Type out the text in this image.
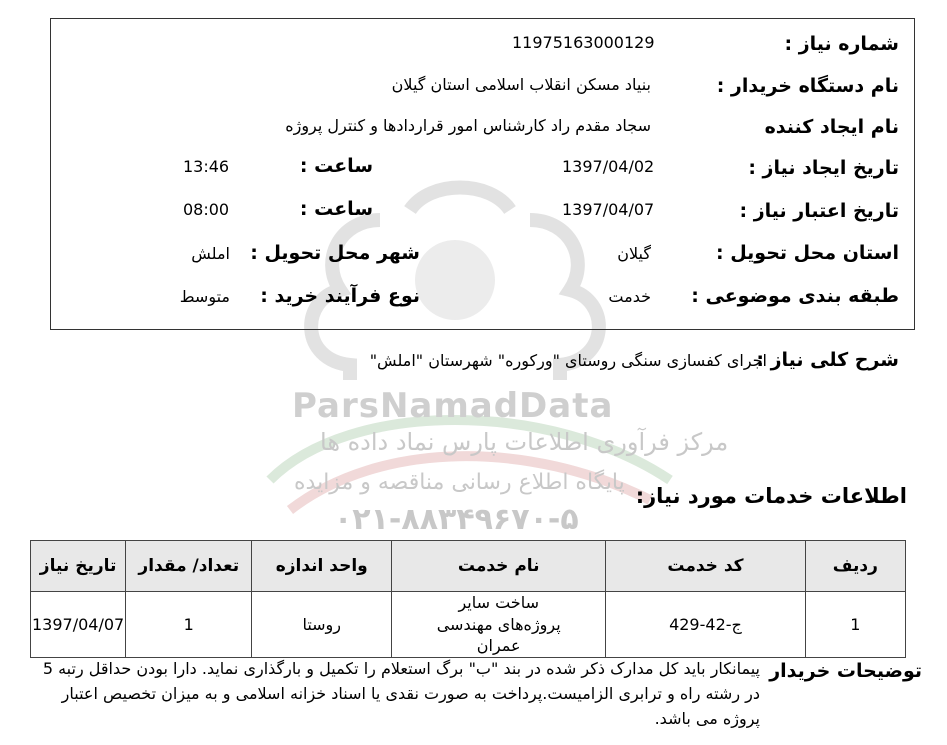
ParsNamadData
مرکز فرآوری اطلاعات پارس نماد داده ها
پایگاه اطلاع رسانی مناقصه و مزایده
۰۲۱-۸۸۳۴۹۶۷۰-۵
شماره نیاز :
11975163000129
نام دستگاه خریدار :
بنیاد مسکن انقلاب اسلامی استان گیلان
نام ایجاد کننده
سجاد مقدم راد کارشناس امور قراردادها و کنترل پروژه
تاریخ ایجاد نیاز :
1397/04/02
ساعت :
13:46
تاریخ اعتبار نیاز :
1397/04/07
ساعت :
08:00
استان محل تحویل :
گیلان
شهر محل تحویل :
املش
طبقه بندی موضوعی :
خدمت
نوع فرآیند خرید :
متوسط
شرح کلی نیاز :
اجرای کفسازی سنگی روستای "ورکوره" شهرستان "املش"
اطلاعات خدمات مورد نیاز:
ردیف	کد خدمت	نام خدمت	واحد اندازه	تعداد/ مقدار	تاریخ نیاز
1	ج-42-429	ساخت سایر پروژه‌های مهندسی عمران	روستا	1	1397/04/07
توضیحات خریدار
پیمانکار باید کل مدارک ذکر شده در بند "ب" برگ استعلام را تکمیل و بارگذاری نماید. دارا بودن حداقل رتبه 5 در رشته راه و ترابری الزامیست.پرداخت به صورت نقدی یا اسناد خزانه اسلامی و به میزان تخصیص اعتبار پروژه می باشد.
